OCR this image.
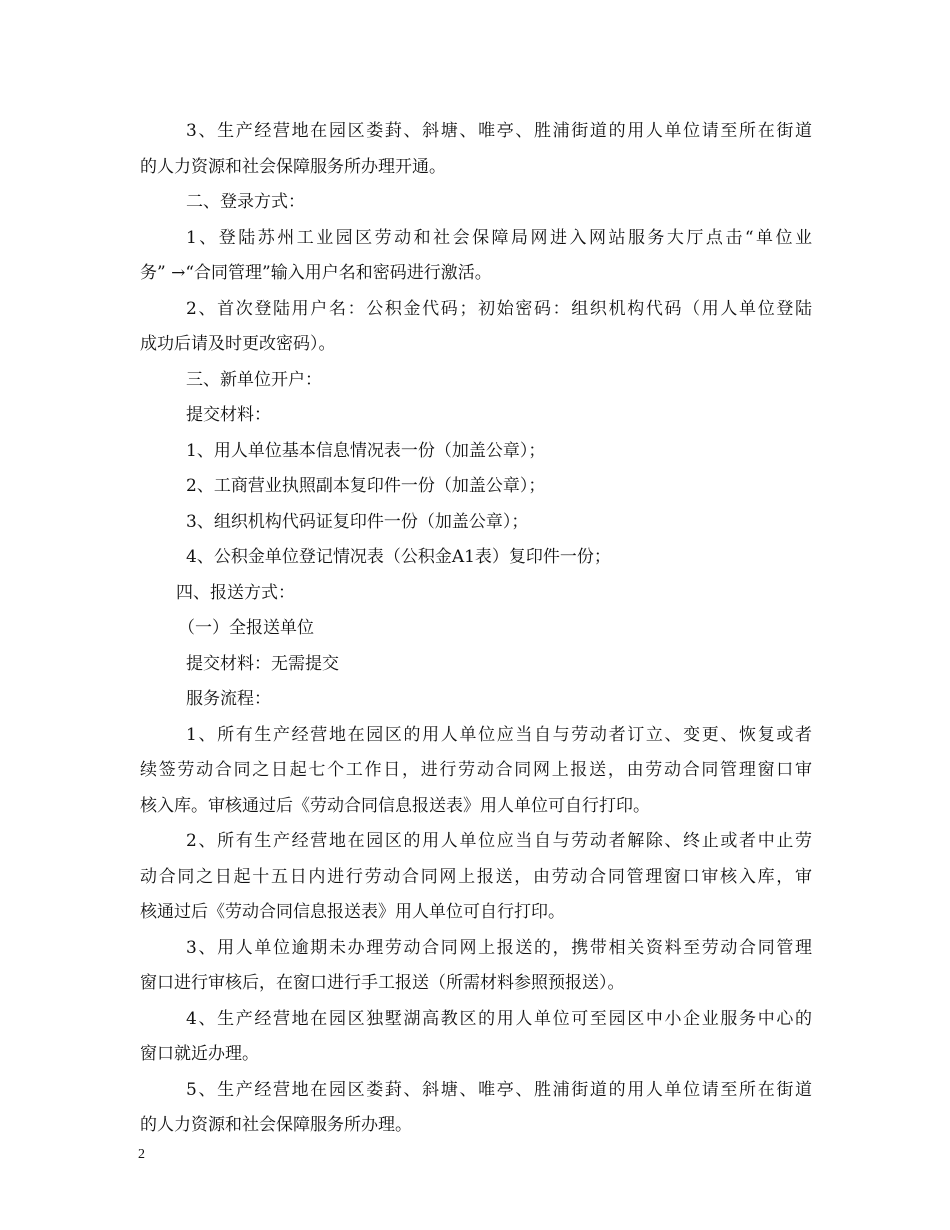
3、生产经营地在园区娄葑、斜塘、唯亭、胜浦街道的用人单位请至所在街道
的人力资源和社会保障服务所办理开通。
二、登录方式：
1、登陆苏州工业园区劳动和社会保障局网进入网站服务大厅点击“单位业
务” →“合同管理”输入用户名和密码进行激活。
2、首次登陆用户名：公积金代码；初始密码：组织机构代码（用人单位登陆
成功后请及时更改密码）。
三、新单位开户：
提交材料：
1、用人单位基本信息情况表一份（加盖公章）；
2、工商营业执照副本复印件一份（加盖公章）；
3、组织机构代码证复印件一份（加盖公章）；
4、公积金单位登记情况表（公积金A1表）复印件一份；
四、报送方式：
（一）全报送单位
提交材料：无需提交
服务流程：
1、所有生产经营地在园区的用人单位应当自与劳动者订立、变更、恢复或者
续签劳动合同之日起七个工作日，进行劳动合同网上报送，由劳动合同管理窗口审
核入库。审核通过后《劳动合同信息报送表》用人单位可自行打印。
2、所有生产经营地在园区的用人单位应当自与劳动者解除、终止或者中止劳
动合同之日起十五日内进行劳动合同网上报送，由劳动合同管理窗口审核入库，审
核通过后《劳动合同信息报送表》用人单位可自行打印。
3、用人单位逾期未办理劳动合同网上报送的，携带相关资料至劳动合同管理
窗口进行审核后，在窗口进行手工报送（所需材料参照预报送）。
4、生产经营地在园区独墅湖高教区的用人单位可至园区中小企业服务中心的
窗口就近办理。
5、生产经营地在园区娄葑、斜塘、唯亭、胜浦街道的用人单位请至所在街道
的人力资源和社会保障服务所办理。
2
